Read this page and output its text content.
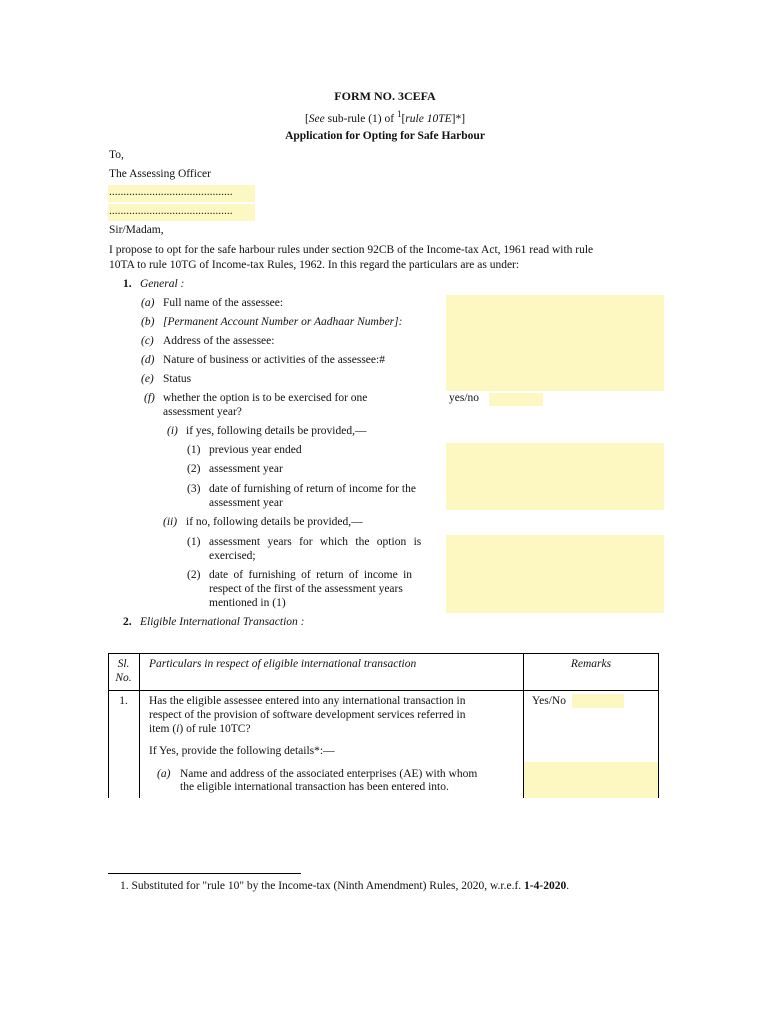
FORM NO. 3CEFA
[See sub-rule (1) of $^1$[rule 10TE]*]
Application for Opting for Safe Harbour
To,
The Assessing Officer
...........................................
...........................................
Sir/Madam,
I propose to opt for the safe harbour rules under section 92CB of the Income-tax Act, 1961 read with rule
10TA to rule 10TG of Income-tax Rules, 1962. In this regard the particulars are as under:
1. General :
(a) Full name of the assessee:
(b) [Permanent Account Number or Aadhaar Number]:
(c) Address of the assessee:
(d) Nature of business or activities of the assessee:#
(e) Status
(f) whether the option is to be exercised for one
assessment year?
yes/no
(i) if yes, following details be provided,—
(1) previous year ended
(2) assessment year
(3) date of furnishing of return of income for the
assessment year
(ii) if no, following details be provided,—
(1) assessment years for which the option is
exercised;
(2) date of furnishing of return of income in
respect of the first of the assessment years
mentioned in (1)
2. Eligible International Transaction :
Sl.
No.
Particulars in respect of eligible international transaction	Remarks
1.	Has the eligible assessee entered into any international transaction in
respect of the provision of software development services referred in
item (i) of rule 10TC?
Yes/No
If Yes, provide the following details*:—
(a) Name and address of the associated enterprises (AE) with whom
the eligible international transaction has been entered into.
1. Substituted for "rule 10" by the Income-tax (Ninth Amendment) Rules, 2020, w.r.e.f. 1-4-2020.
